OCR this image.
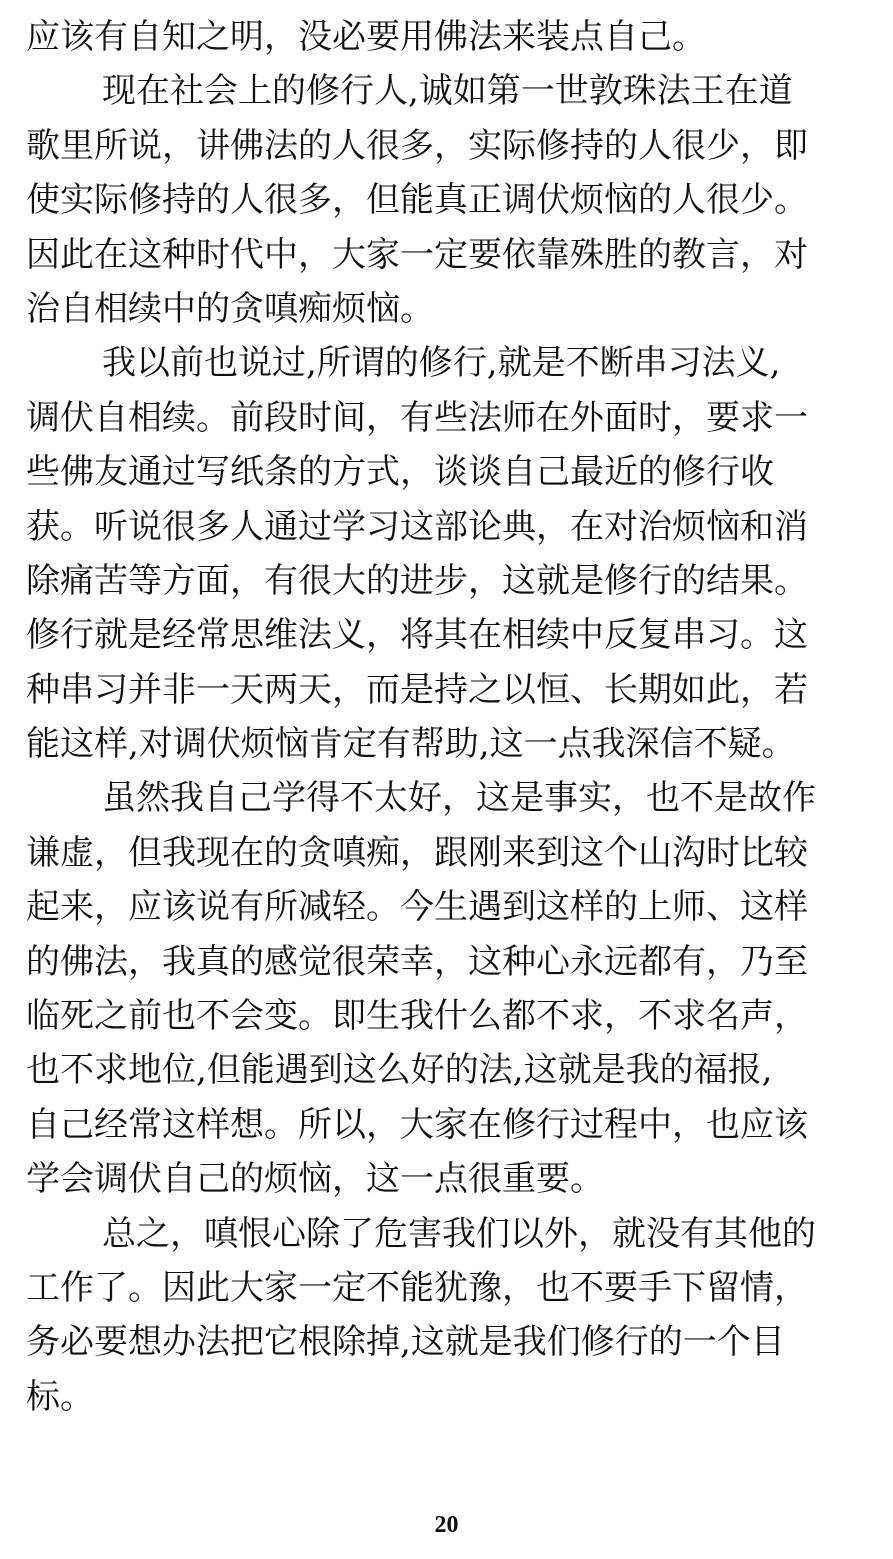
应该有自知之明，没必要用佛法来装点自己。
现在社会上的修行人,诚如第一世敦珠法王在道
歌里所说，讲佛法的人很多，实际修持的人很少，即
使实际修持的人很多，但能真正调伏烦恼的人很少。
因此在这种时代中，大家一定要依靠殊胜的教言，对
治自相续中的贪嗔痴烦恼。
我以前也说过,所谓的修行,就是不断串习法义,
调伏自相续。前段时间，有些法师在外面时，要求一
些佛友通过写纸条的方式，谈谈自己最近的修行收
获。听说很多人通过学习这部论典，在对治烦恼和消
除痛苦等方面，有很大的进步，这就是修行的结果。
修行就是经常思维法义，将其在相续中反复串习。这
种串习并非一天两天，而是持之以恒、长期如此，若
能这样,对调伏烦恼肯定有帮助,这一点我深信不疑。
虽然我自己学得不太好，这是事实，也不是故作
谦虚，但我现在的贪嗔痴，跟刚来到这个山沟时比较
起来，应该说有所减轻。今生遇到这样的上师、这样
的佛法，我真的感觉很荣幸，这种心永远都有，乃至
临死之前也不会变。即生我什么都不求，不求名声，
也不求地位,但能遇到这么好的法,这就是我的福报,
自己经常这样想。所以，大家在修行过程中，也应该
学会调伏自己的烦恼，这一点很重要。
总之，嗔恨心除了危害我们以外，就没有其他的
工作了。因此大家一定不能犹豫，也不要手下留情，
务必要想办法把它根除掉,这就是我们修行的一个目
标。
20
